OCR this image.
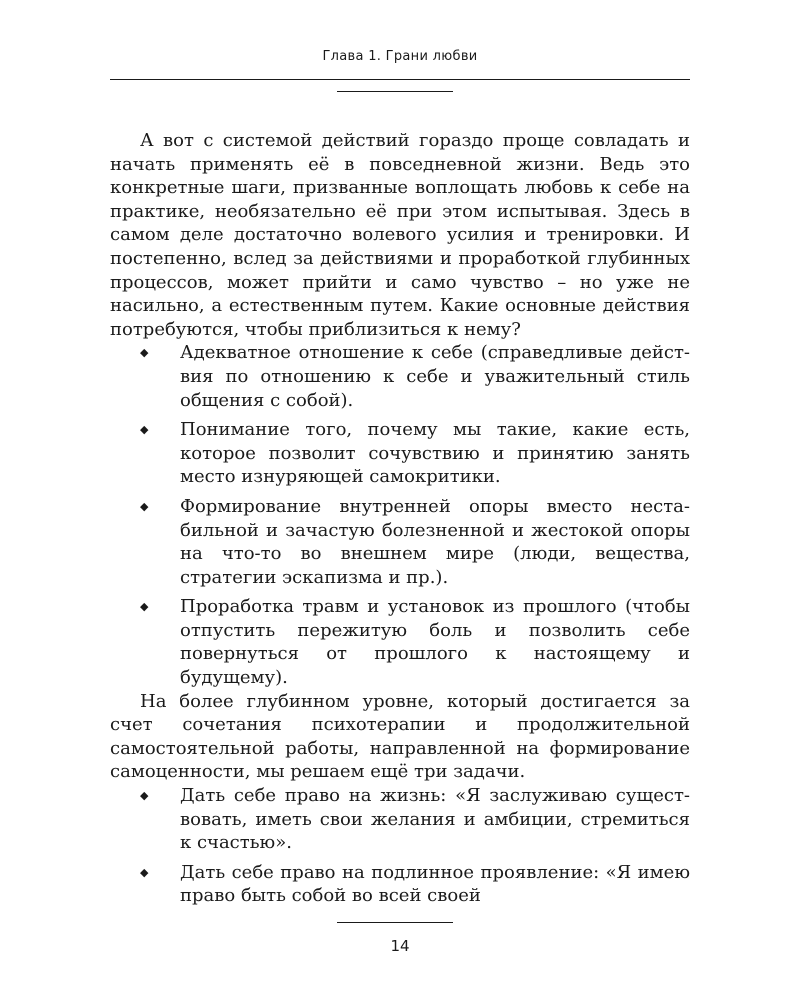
Глава 1. Грани любви

А вот с системой действий гораздо проще совладать и начать применять её в повседневной жизни. Ведь это конкретные шаги, призванные воплощать любовь к себе на практике, необязательно её при этом испытывая. Здесь в самом деле достаточно волевого усилия и тренировки. И постепенно, вслед за действиями и проработкой глубинных процессов, может прийти и само чувство – но уже не насильно, а естественным путем. Какие основные действия потребуются, чтобы приблизиться к нему?

◆ Адекватное отношение к себе (справедливые действия по отношению к себе и уважительный стиль общения с собой).
◆ Понимание того, почему мы такие, какие есть, которое позволит сочувствию и принятию занять место изнуряющей самокритики.
◆ Формирование внутренней опоры вместо нестабильной и зачастую болезненной и жестокой опоры на что-то во внешнем мире (люди, вещества, стратегии эскапизма и пр.).
◆ Проработка травм и установок из прошлого (чтобы отпустить пережитую боль и позволить себе повернуться от прошлого к настоящему и будущему).

На более глубинном уровне, который достигается за счет сочетания психотерапии и продолжительной самостоятельной работы, направленной на формирование самоценности, мы решаем ещё три задачи.

◆ Дать себе право на жизнь: «Я заслуживаю существовать, иметь свои желания и амбиции, стремиться к счастью».
◆ Дать себе право на подлинное проявление: «Я имею право быть собой во всей своей
14
